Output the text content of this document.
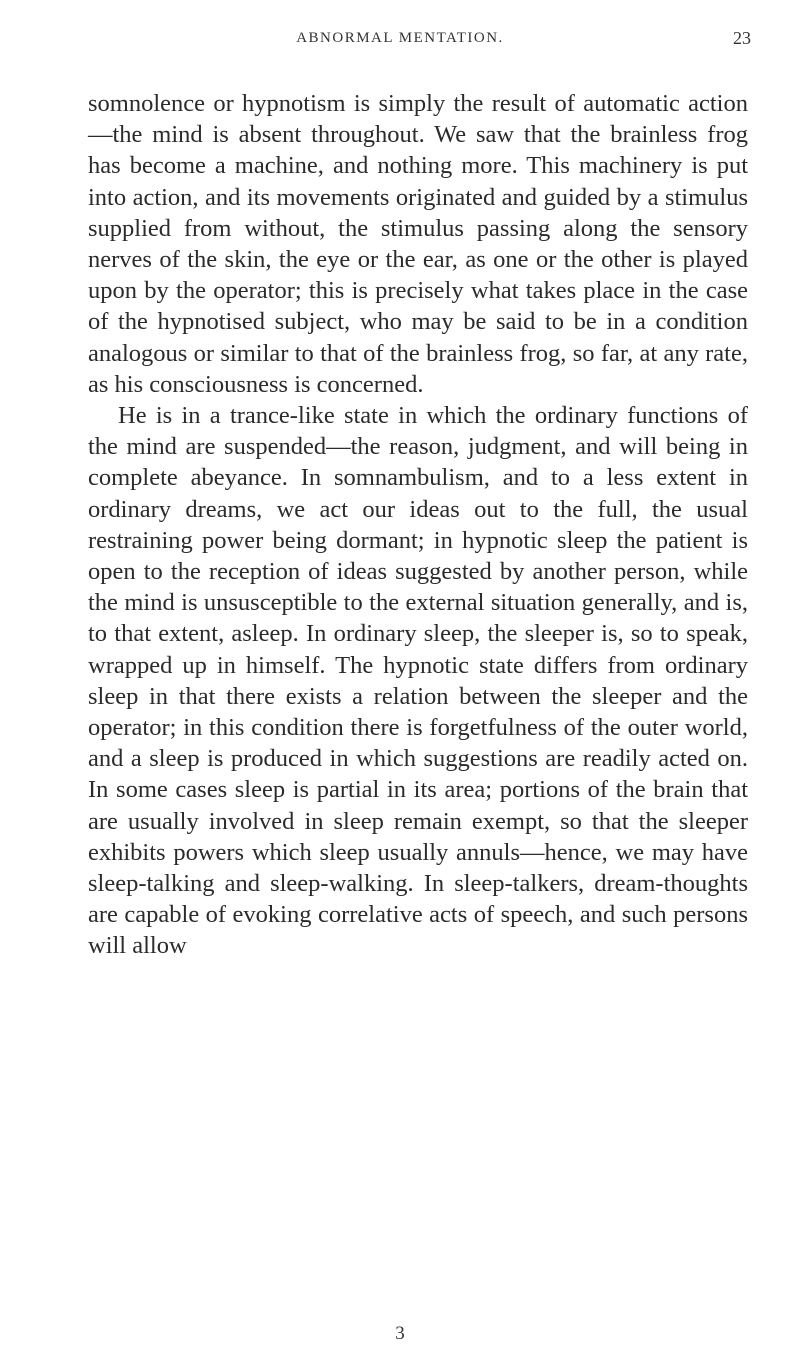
ABNORMAL MENTATION.	23

somnolence or hypnotism is simply the result of automatic action—the mind is absent throughout. We saw that the brainless frog has become a machine, and nothing more. This machinery is put into action, and its movements originated and guided by a stimulus supplied from without, the stimulus passing along the sensory nerves of the skin, the eye or the ear, as one or the other is played upon by the operator; this is precisely what takes place in the case of the hypnotised subject, who may be said to be in a condition analogous or similar to that of the brainless frog, so far, at any rate, as his consciousness is concerned.

He is in a trance-like state in which the ordinary functions of the mind are suspended—the reason, judgment, and will being in complete abeyance. In somnambulism, and to a less extent in ordinary dreams, we act our ideas out to the full, the usual restraining power being dormant; in hypnotic sleep the patient is open to the reception of ideas suggested by another person, while the mind is unsusceptible to the external situation generally, and is, to that extent, asleep. In ordinary sleep, the sleeper is, so to speak, wrapped up in himself. The hypnotic state differs from ordinary sleep in that there exists a relation between the sleeper and the operator; in this condition there is forgetfulness of the outer world, and a sleep is produced in which suggestions are readily acted on. In some cases sleep is partial in its area; portions of the brain that are usually involved in sleep remain exempt, so that the sleeper exhibits powers which sleep usually annuls—hence, we may have sleep-talking and sleep-walking. In sleep-talkers, dream-thoughts are capable of evoking correlative acts of speech, and such persons will allow

3
